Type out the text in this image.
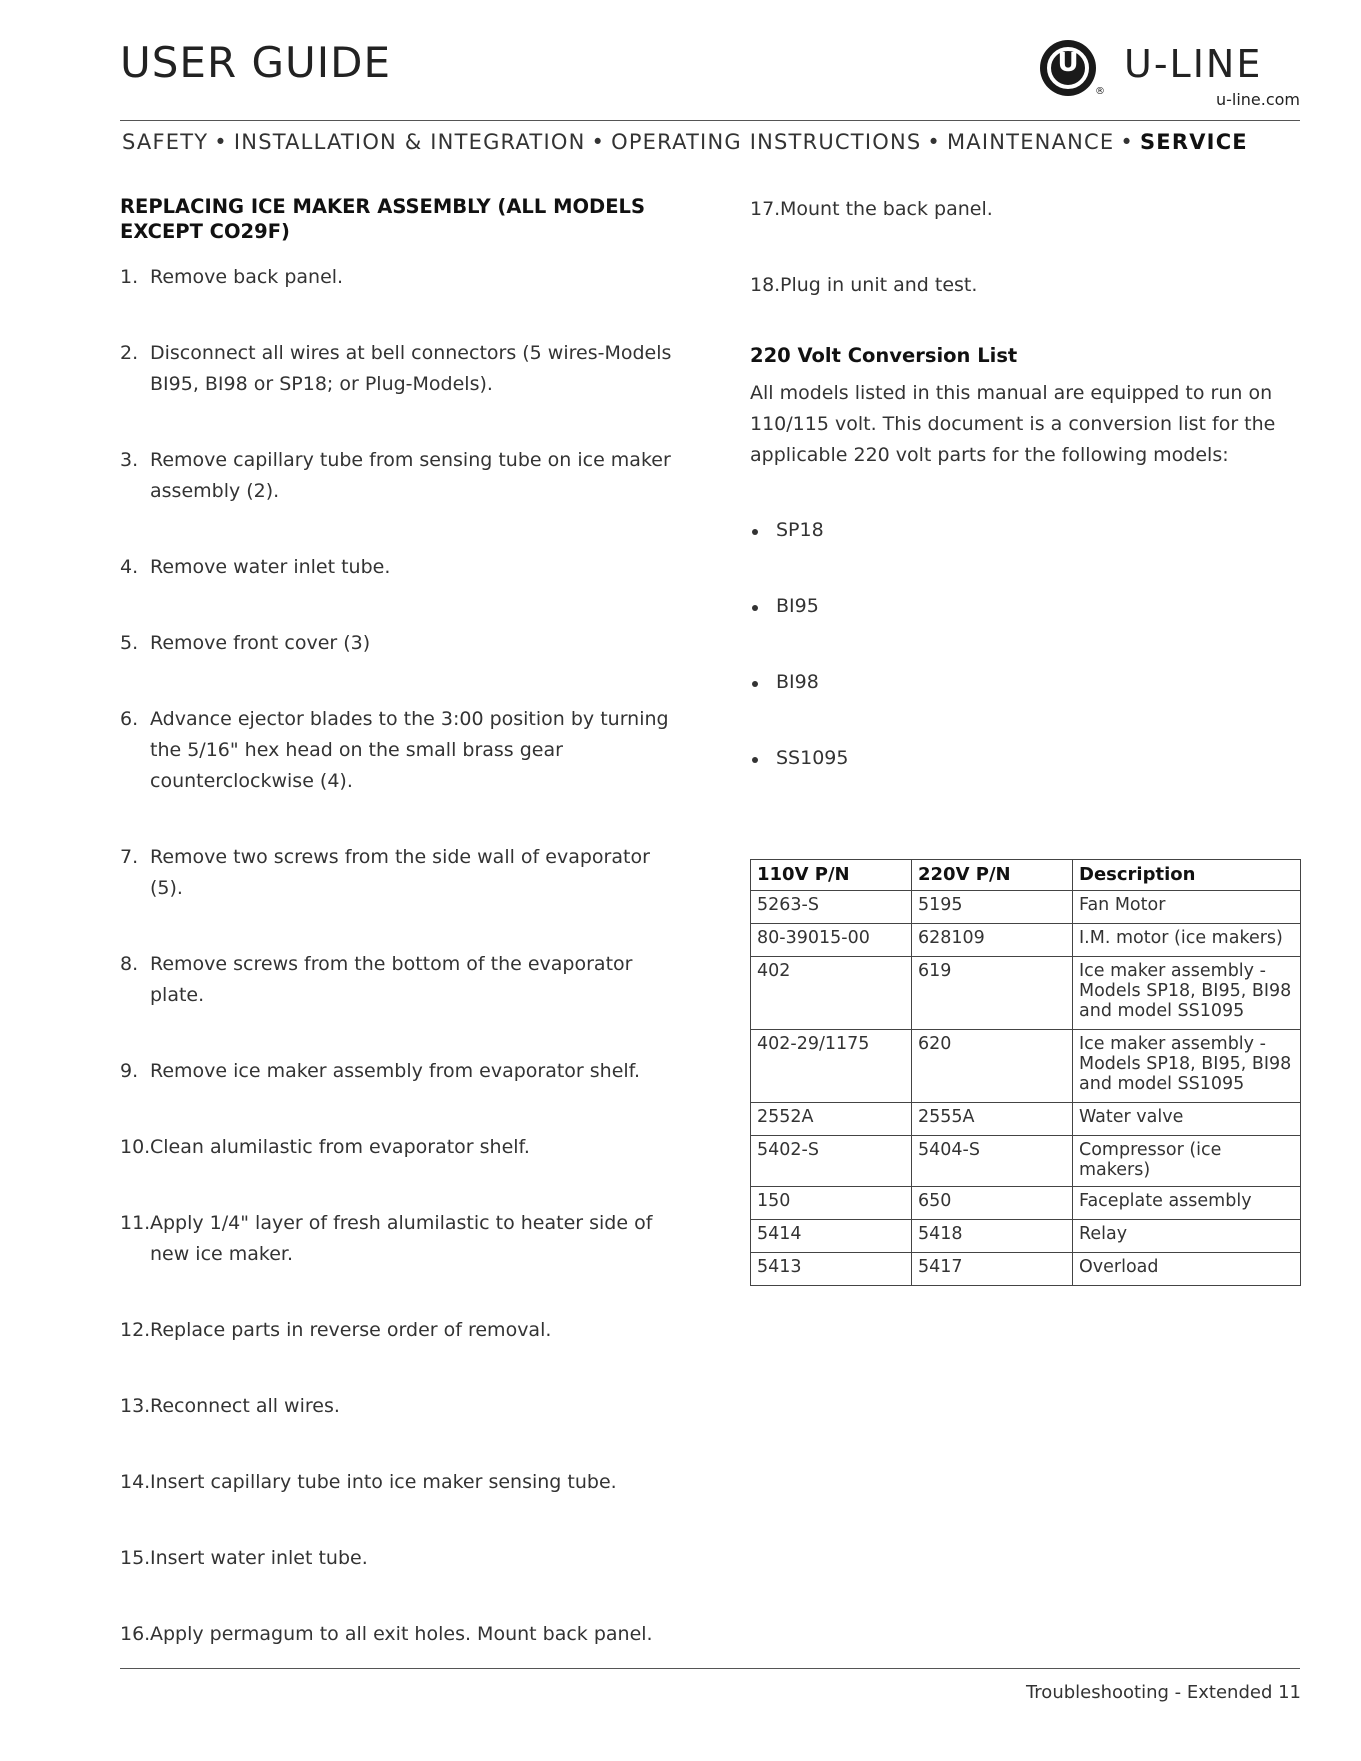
USER GUIDE	U
®
U-LINE
u-line.com
SAFETY • INSTALLATION & INTEGRATION • OPERATING INSTRUCTIONS • MAINTENANCE • SERVICE
REPLACING ICE MAKER ASSEMBLY (ALL MODELS
EXCEPT CO29F)
1. Remove back panel.
2. Disconnect all wires at bell connectors (5 wires-Models BI95, BI98 or SP18; or Plug-Models).
3. Remove capillary tube from sensing tube on ice maker assembly (2).
4. Remove water inlet tube.
5. Remove front cover (3)
6. Advance ejector blades to the 3:00 position by turning the 5/16" hex head on the small brass gear counterclockwise (4).
7. Remove two screws from the side wall of evaporator (5).
8. Remove screws from the bottom of the evaporator plate.
9. Remove ice maker assembly from evaporator shelf.
10. Clean alumilastic from evaporator shelf.
11. Apply 1/4" layer of fresh alumilastic to heater side of new ice maker.
12. Replace parts in reverse order of removal.
13. Reconnect all wires.
14. Insert capillary tube into ice maker sensing tube.
15. Insert water inlet tube.
16. Apply permagum to all exit holes. Mount back panel.
17. Mount the back panel.
18. Plug in unit and test.
220 Volt Conversion List

All models listed in this manual are equipped to run on 110/115 volt. This document is a conversion list for the applicable 220 volt parts for the following models:

SP18
BI95
BI98
SS1095
110V P/N	220V P/N	Description
5263-S	5195	Fan Motor
80-39015-00	628109	I.M. motor (ice makers)
402	619	Ice maker assembly - Models SP18, BI95, BI98 and model SS1095
402-29/1175	620	Ice maker assembly - Models SP18, BI95, BI98 and model SS1095
2552A	2555A	Water valve
5402-S	5404-S	Compressor (ice makers)
150	650	Faceplate assembly
5414	5418	Relay
5413	5417	Overload
Troubleshooting - Extended 11
